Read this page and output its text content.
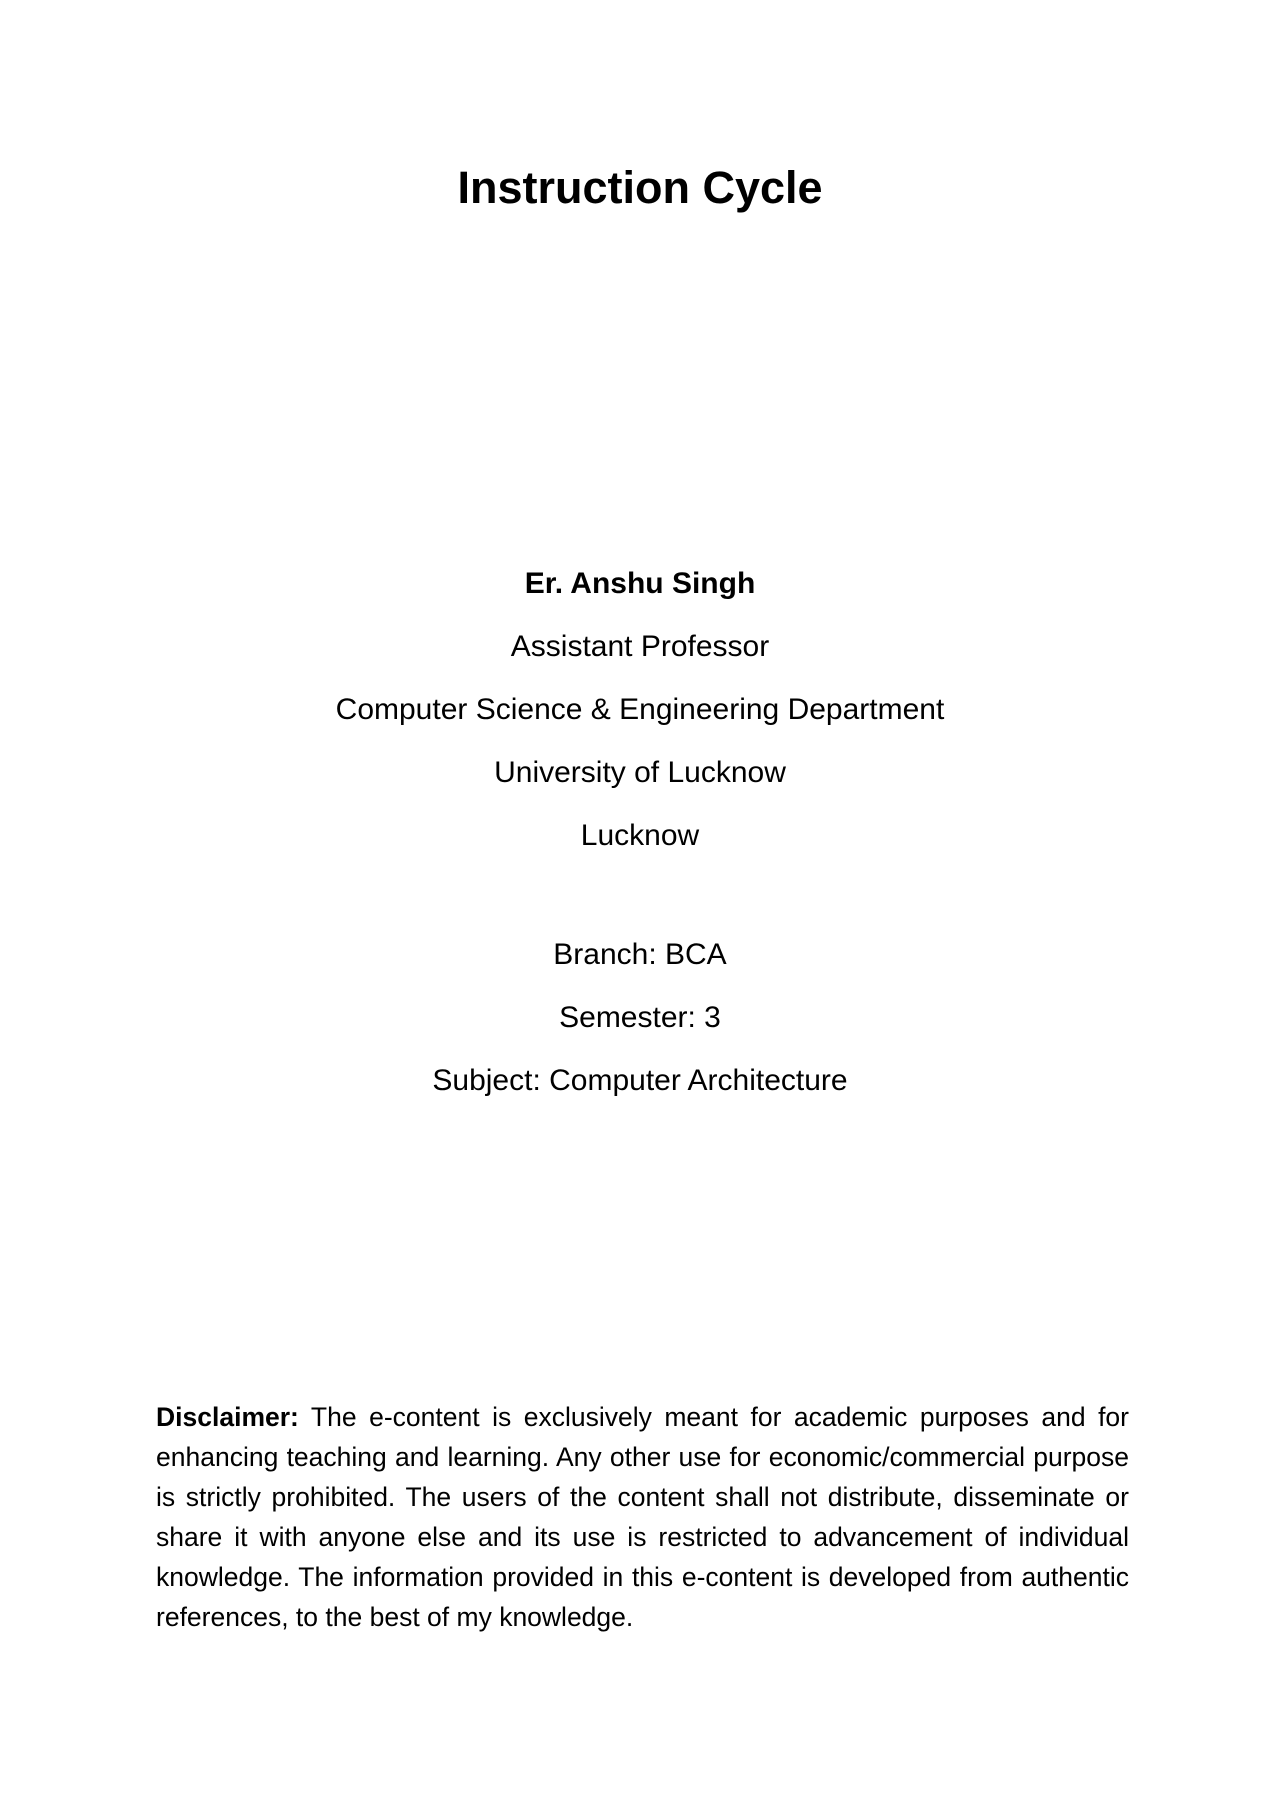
Instruction Cycle
Er. Anshu Singh
Assistant Professor
Computer Science & Engineering Department
University of Lucknow
Lucknow
Branch: BCA
Semester: 3
Subject: Computer Architecture

Disclaimer: The e-content is exclusively meant for academic purposes and for enhancing teaching and learning. Any other use for economic/commercial purpose is strictly prohibited. The users of the content shall not distribute, disseminate or share it with anyone else and its use is restricted to advancement of individual knowledge. The information provided in this e-content is developed from authentic references, to the best of my knowledge.
